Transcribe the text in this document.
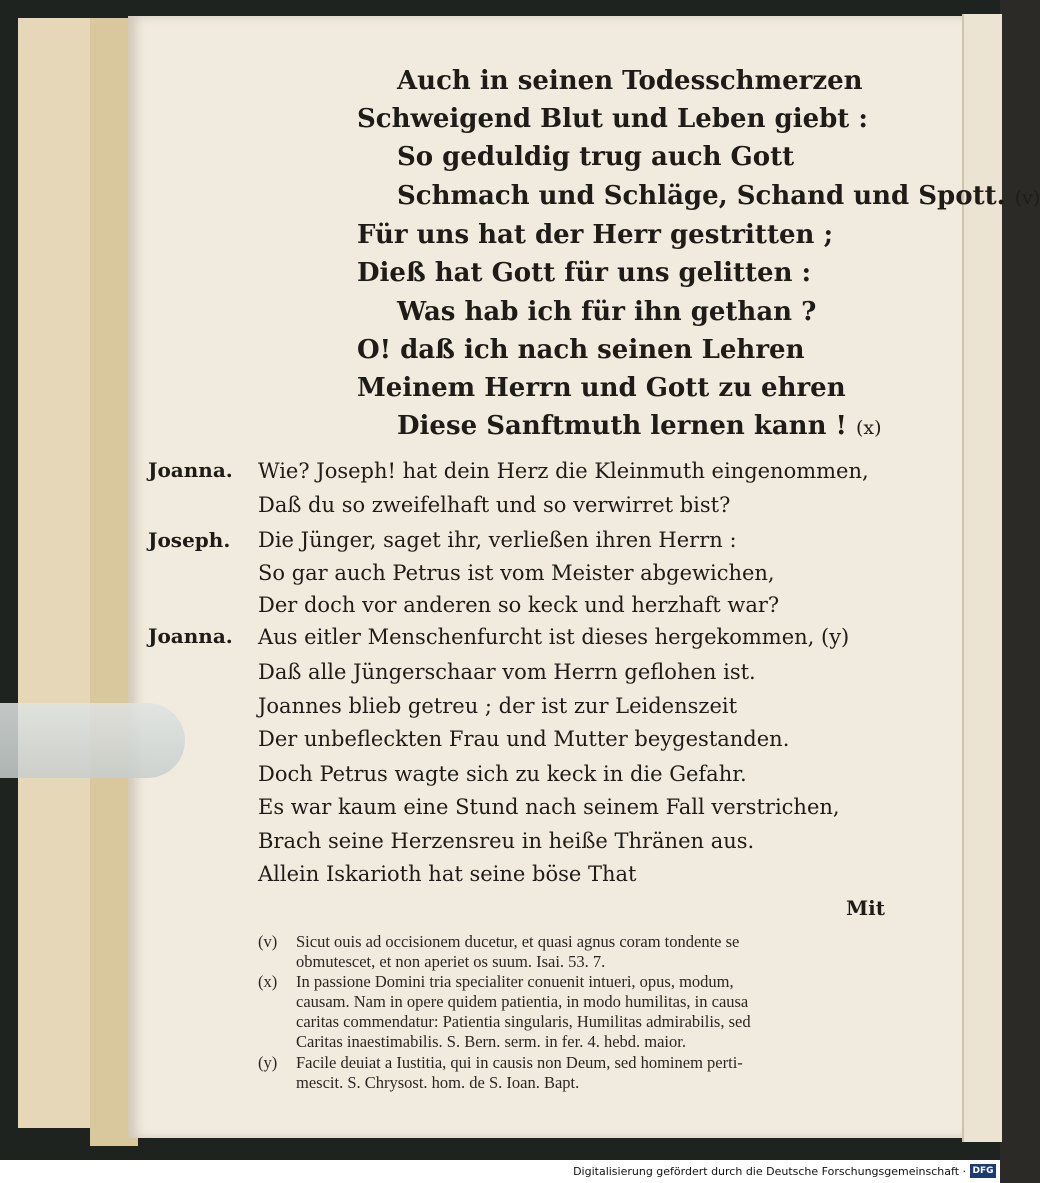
Auch in seinen Todesschmerzen
Schweigend Blut und Leben giebt :
So geduldig trug auch Gott
Schmach und Schläge, Schand und Spott. (v)
Für uns hat der Herr gestritten ;
Dieß hat Gott für uns gelitten :
Was hab ich für ihn gethan ?
O! daß ich nach seinen Lehren
Meinem Herrn und Gott zu ehren
Diese Sanftmuth lernen kann ! (x)
Joanna.
Joseph.
Joanna.
Wie? Joseph! hat dein Herz die Kleinmuth eingenommen,
Daß du so zweifelhaft und so verwirret bist?
Die Jünger, saget ihr, verließen ihren Herrn :
So gar auch Petrus ist vom Meister abgewichen,
Der doch vor anderen so keck und herzhaft war?
Aus eitler Menschenfurcht ist dieses hergekommen, (y)
Daß alle Jüngerschaar vom Herrn geflohen ist.
Joannes blieb getreu ; der ist zur Leidenszeit
Der unbefleckten Frau und Mutter beygestanden.
Doch Petrus wagte sich zu keck in die Gefahr.
Es war kaum eine Stund nach seinem Fall verstrichen,
Brach seine Herzensreu in heiße Thränen aus.
Allein Iskarioth hat seine böse That
Mit
(v) Sicut ouis ad occisionem ducetur, et quasi agnus coram tondente se
obmutescet, et non aperiet os suum. Isai. 53. 7.
(x) In passione Domini tria specialiter conuenit intueri, opus, modum,
causam. Nam in opere quidem patientia, in modo humilitas, in causa
caritas commendatur: Patientia singularis, Humilitas admirabilis, sed
Caritas inaestimabilis. S. Bern. serm. in fer. 4. hebd. maior.
(y) Facile deuiat a Iustitia, qui in causis non Deum, sed hominem perti-
mescit. S. Chrysost. hom. de S. Ioan. Bapt.
Digitalisierung gefördert durch die Deutsche Forschungsgemeinschaft · DFG
